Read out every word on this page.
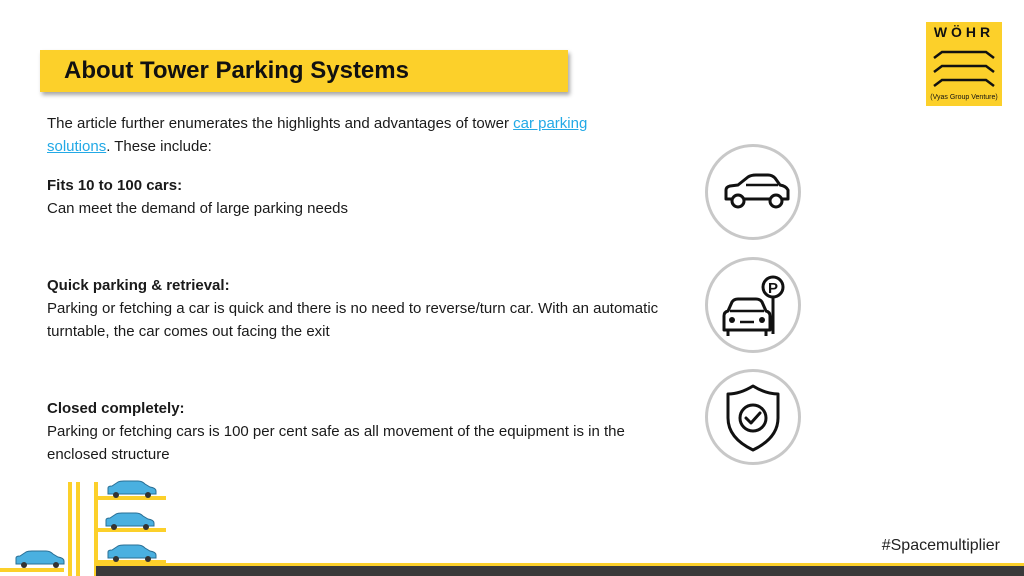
About Tower Parking Systems
WÖHR
(Vyas Group Venture)
The article further enumerates the highlights and advantages of tower car parking solutions. These include:
Fits 10 to 100 cars:
Can meet the demand of large parking needs
Quick parking & retrieval:
Parking or fetching a car is quick and there is no need to reverse/turn car. With an automatic turntable, the car comes out facing the exit
Closed completely:
Parking or fetching cars is 100 per cent safe as all movement of the equipment is in the enclosed structure
P
#Spacemultiplier
